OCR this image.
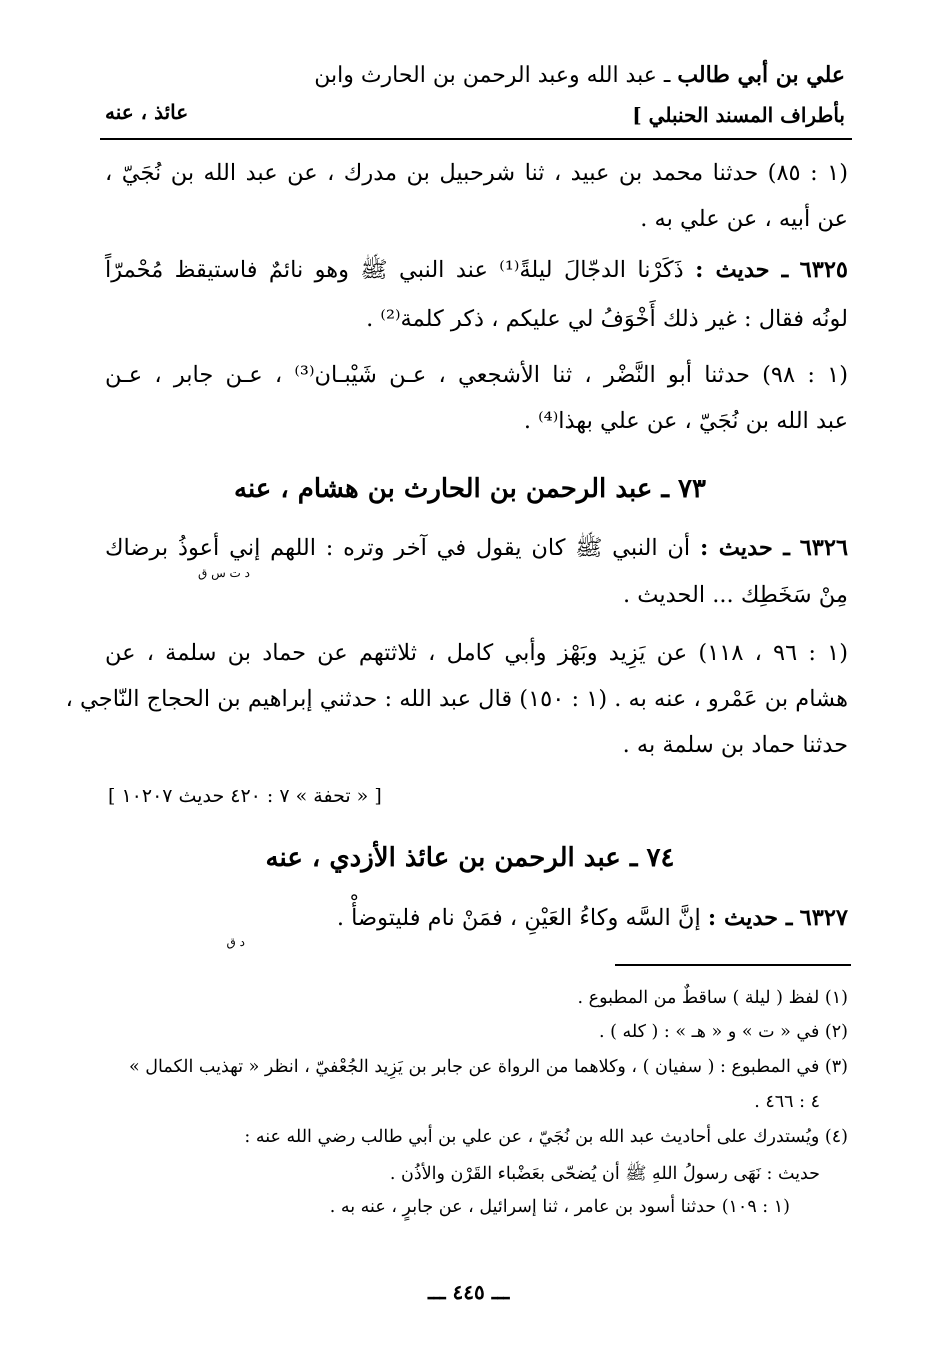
علي بن أبي طالب ـ عبد الله وعبد الرحمن بن الحارث وابن
عائذ ، عنه	بأطراف المسند الحنبلي ]
(١ : ٨٥) حدثنا محمد بن عبيد ، ثنا شرحبيل بن مدرك ، عن عبد الله بن نُجَيّ ،
عن أبيه ، عن علي به .
٦٣٢٥ ـ حديث : ذَكَرْنا الدجّالَ ليلةً⁽¹⁾ عند النبي ﷺ وهو نائمٌ فاستيقظ مُحْمرّاً
لونُه فقال : غير ذلك أَخْوَفُ لي عليكم ، ذكر كلمة⁽²⁾ .
(١ : ٩٨) حدثنا أبو النَّضْر ، ثنا الأشجعي ، عـن شَيْبـان⁽³⁾ ، عـن جابر ، عـن
عبد الله بن نُجَيّ ، عن علي بهذا⁽⁴⁾ .
٧٣ ـ عبد الرحمن بن الحارث بن هشام ، عنه
٦٣٢٦ ـ حديث : أن النبي ﷺ كان يقول في آخر وتره : اللهم إني أعوذُ برضاك
د ت س ق
مِنْ سَخَطِك ... الحديث .
(١ : ٩٦ ، ١١٨) عن يَزِيد وبَهْز وأبي كامل ، ثلاثتهم عن حماد بن سلمة ، عن
هشام بن عَمْرو ، عنه به . (١ : ١٥٠) قال عبد الله : حدثني إبراهيم بن الحجاج النّاجي ،
حدثنا حماد بن سلمة به .
[ « تحفة » ٧ : ٤٢٠ حديث ١٠٢٠٧ ]
٧٤ ـ عبد الرحمن بن عائذ الأزدي ، عنه
٦٣٢٧ ـ حديث : إنَّ السَّه وكاءُ العَيْنِ ، فمَنْ نام فليتوضأْ .
د ق
(١) لفظ ( ليلة ) ساقطٌ من المطبوع .
(٢) في « ت » و « هـ » : ( كله ) .
(٣) في المطبوع : ( سفيان ) ، وكلاهما من الرواة عن جابر بن يَزِيد الجُعْفيّ ، انظر « تهذيب الكمال »
٤ : ٤٦٦ .
(٤) ويُستدرك على أحاديث عبد الله بن نُجَيّ ، عن علي بن أبي طالب رضي الله عنه :
حديث : نَهَى رسولُ اللهِ ﷺ أن يُضحّى بعَضْباء القَرْن والأذُن .
(١ : ١٠٩) حدثنا أسود بن عامر ، ثنا إسرائيل ، عن جابرٍ ، عنه به .
ـــ ٤٤٥ ـــ
